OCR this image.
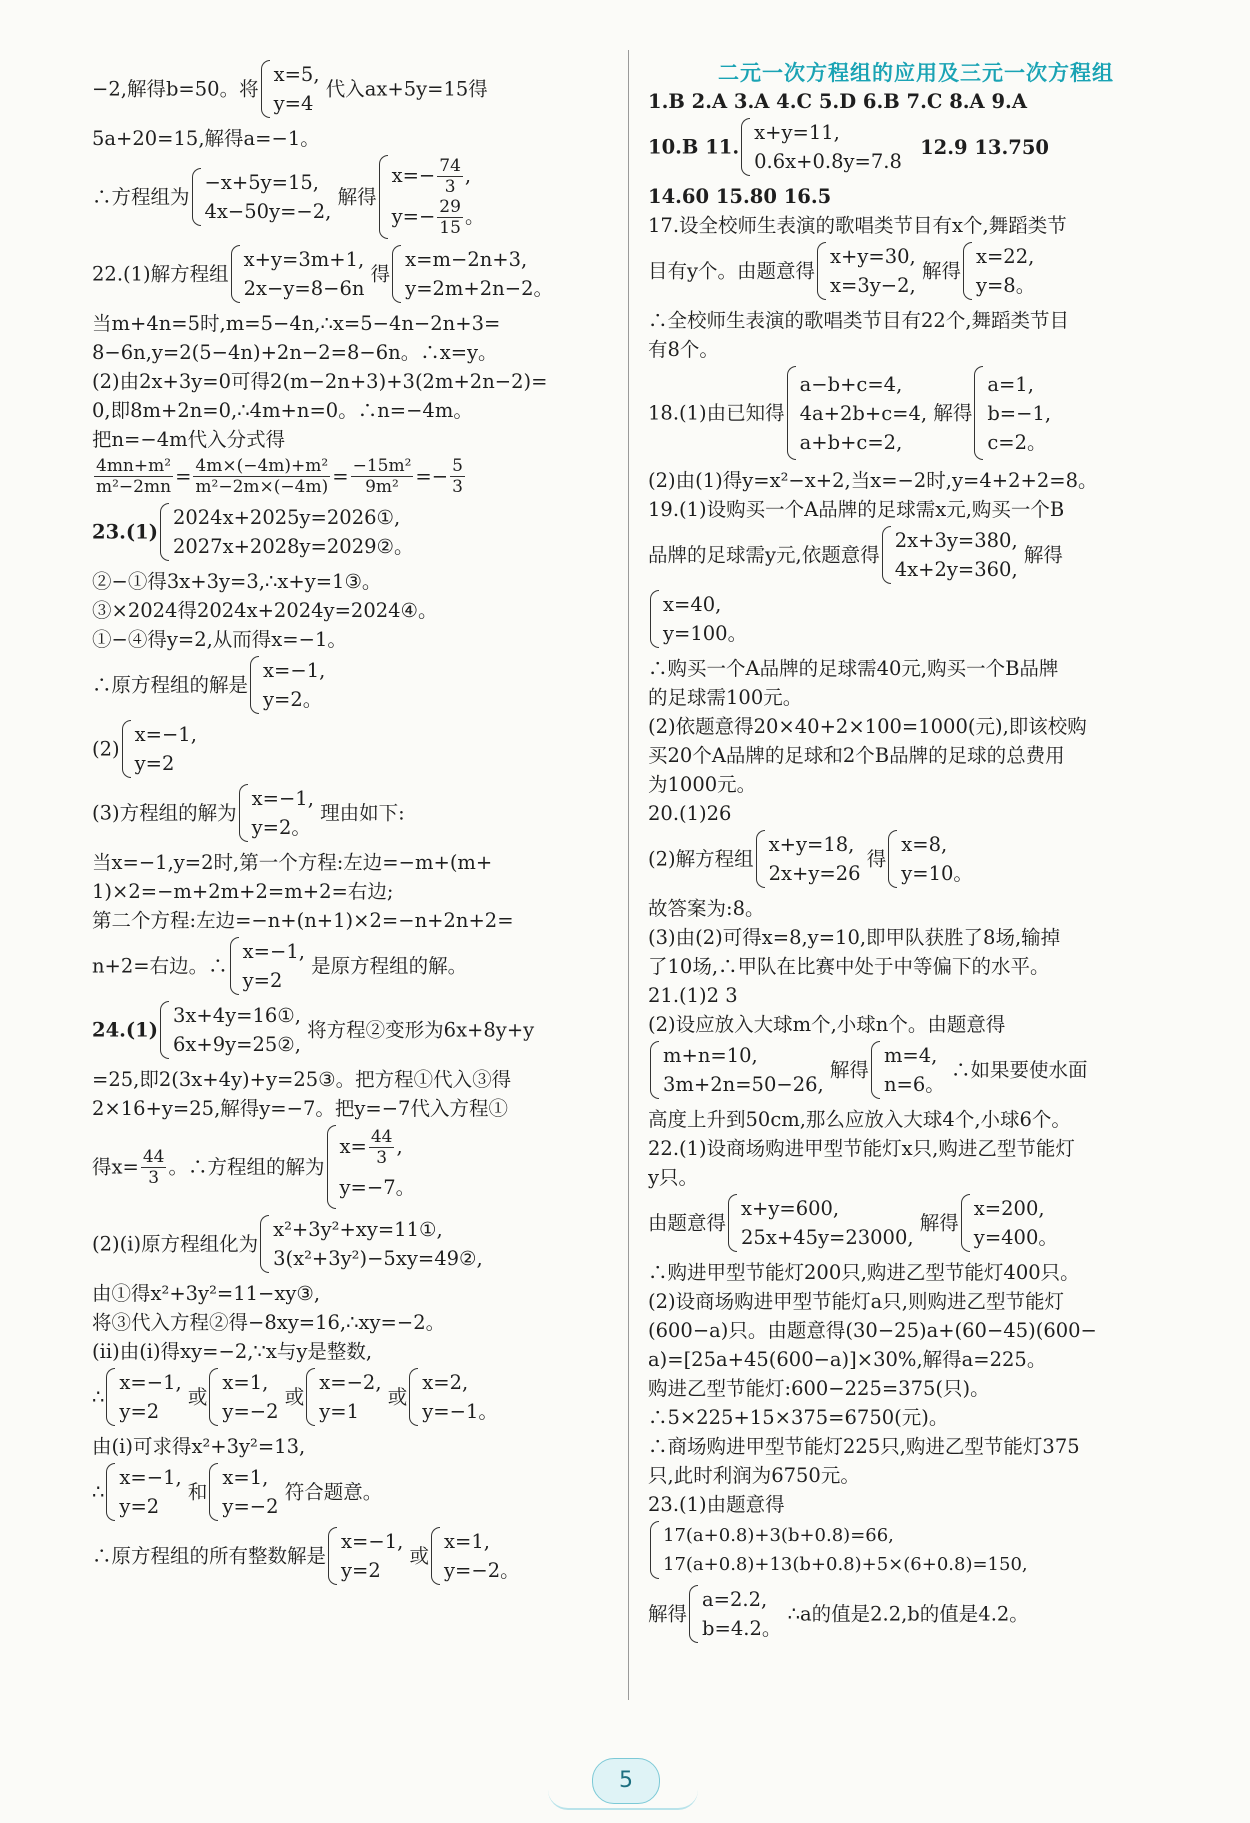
−2,解得b=50。将
x=5,
y=4
代入ax+5y=15得
5a+20=15,解得a=−1。
∴方程组为
−x+5y=15,
4x−50y=−2,
解得
$x=- \frac{74}{3}$ ,
$y=- \frac{29}{15}$ 。
22.(1)解方程组
x+y=3m+1,
2x−y=8−6n
得
x=m−2n+3,
y=2m+2n−2。
当m+4n=5时,m=5−4n,∴x=5−4n−2n+3=
8−6n,y=2(5−4n)+2n−2=8−6n。∴x=y。
(2)由2x+3y=0可得2(m−2n+3)+3(2m+2n−2)=
0,即8m+2n=0,∴4m+n=0。∴n=−4m。
把n=−4m代入分式得
$\frac{\text{4mn+m²}}{\text{m²−2mn}} = \frac{\text{4m×(−4m)+m²}}{\text{m²−2m×(−4m)}} = \frac{\text{−15m²}}{\text{9m²}} =- \frac{5}{3}$
23.(1)
2024x+2025y=2026①,
2027x+2028y=2029②。
②−①得3x+3y=3,∴x+y=1③。
③×2024得2024x+2024y=2024④。
①−④得y=2,从而得x=−1。
∴原方程组的解是
x=−1,
y=2。
(2)
x=−1,
y=2
(3)方程组的解为
x=−1,
y=2。
理由如下:
当x=−1,y=2时,第一个方程:左边=−m+(m+
1)×2=−m+2m+2=m+2=右边;
第二个方程:左边=−n+(n+1)×2=−n+2n+2=
n+2=右边。∴
x=−1,
y=2
是原方程组的解。
24.(1)
3x+4y=16①,
6x+9y=25②,
将方程②变形为6x+8y+y
=25,即2(3x+4y)+y=25③。把方程①代入③得
2×16+y=25,解得y=−7。把y=−7代入方程①
得$x= \frac{44}{3}$ 。∴方程组的解为
$x= \frac{44}{3}$ ,
y=−7。
(2)(i)原方程组化为
x²+3y²+xy=11①,
3(x²+3y²)−5xy=49②,
由①得x²+3y²=11−xy③,
将③代入方程②得−8xy=16,∴xy=−2。
(ii)由(i)得xy=−2,∵x与y是整数,
∴
x=−1,
y=2
或
x=1,
y=−2
或
x=−2,
y=1
或
x=2,
y=−1。
由(i)可求得x²+3y²=13,
∴
x=−1,
y=2
和
x=1,
y=−2
符合题意。
∴原方程组的所有整数解是
x=−1,
y=2
或
x=1,
y=−2。
二元一次方程组的应用及三元一次方程组
1.B 2.A 3.A 4.C 5.D 6.B 7.C 8.A 9.A
10.B 11.
x+y=11,
0.6x+0.8y=7.8
12.9 13.750
14.60 15.80 16.5
17.设全校师生表演的歌唱类节目有x个,舞蹈类节
目有y个。由题意得
x+y=30,
x=3y−2,
解得
x=22,
y=8。
∴全校师生表演的歌唱类节目有22个,舞蹈类节目
有8个。
18.(1)由已知得
a−b+c=4,
4a+2b+c=4,
a+b+c=2,
解得
a=1,
b=−1,
c=2。
(2)由(1)得y=x²−x+2,当x=−2时,y=4+2+2=8。
19.(1)设购买一个A品牌的足球需x元,购买一个B
品牌的足球需y元,依题意得
2x+3y=380,
4x+2y=360,
解得
x=40,
y=100。
∴购买一个A品牌的足球需40元,购买一个B品牌
的足球需100元。
(2)依题意得20×40+2×100=1000(元),即该校购
买20个A品牌的足球和2个B品牌的足球的总费用
为1000元。
20.(1)26
(2)解方程组
x+y=18,
2x+y=26
得
x=8,
y=10。
故答案为:8。
(3)由(2)可得x=8,y=10,即甲队获胜了8场,输掉
了10场,∴甲队在比赛中处于中等偏下的水平。
21.(1)2 3
(2)设应放入大球m个,小球n个。由题意得
m+n=10,
3m+2n=50−26,
解得
m=4,
n=6。
∴如果要使水面
高度上升到50cm,那么应放入大球4个,小球6个。
22.(1)设商场购进甲型节能灯x只,购进乙型节能灯
y只。
由题意得
x+y=600,
25x+45y=23000,
解得
x=200,
y=400。
∴购进甲型节能灯200只,购进乙型节能灯400只。
(2)设商场购进甲型节能灯a只,则购进乙型节能灯
(600−a)只。由题意得(30−25)a+(60−45)(600−
a)=[25a+45(600−a)]×30%,解得a=225。
购进乙型节能灯:600−225=375(只)。
∴5×225+15×375=6750(元)。
∴商场购进甲型节能灯225只,购进乙型节能灯375
只,此时利润为6750元。
23.(1)由题意得
17(a+0.8)+3(b+0.8)=66,
17(a+0.8)+13(b+0.8)+5×(6+0.8)=150,
解得
a=2.2,
b=4.2。
∴a的值是2.2,b的值是4.2。
5
